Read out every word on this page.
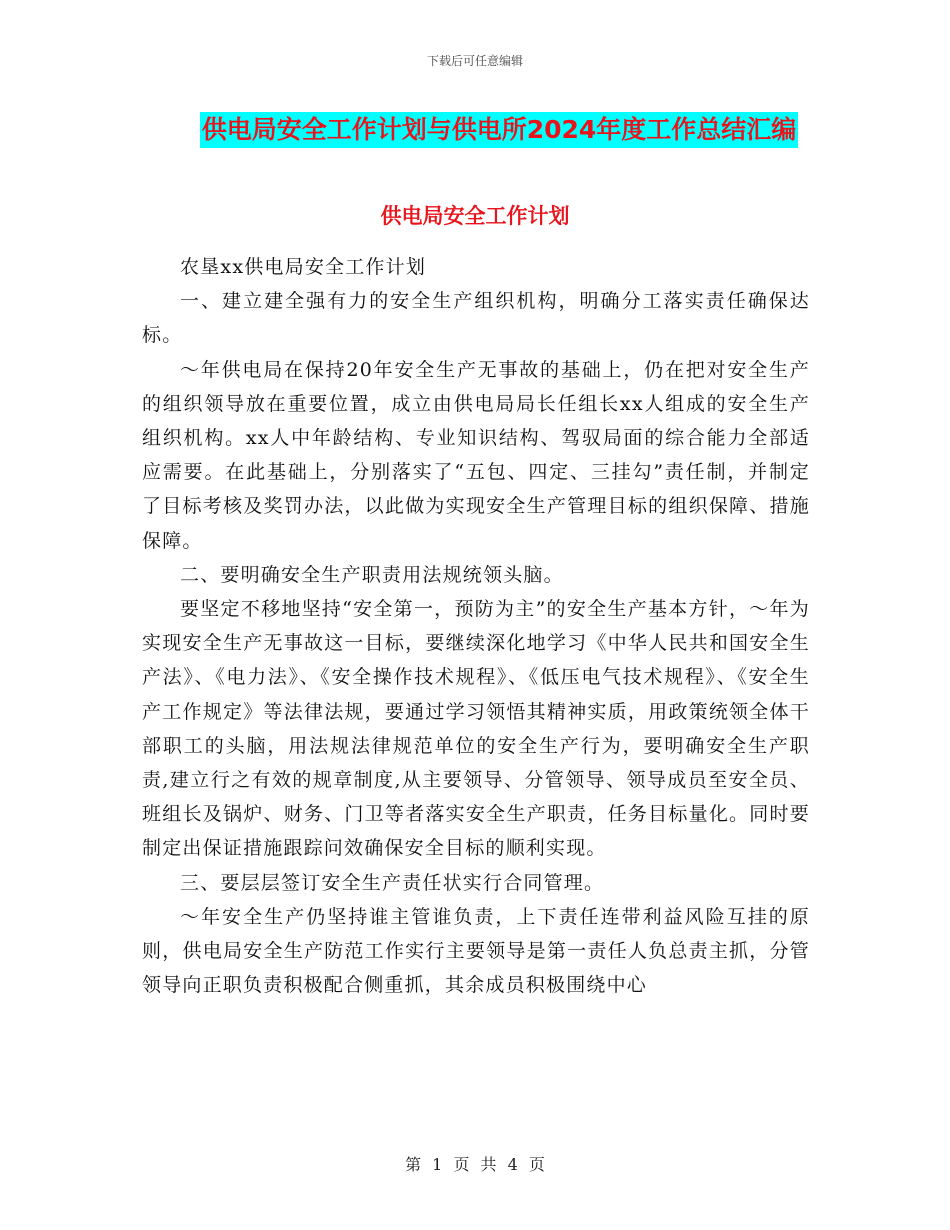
下载后可任意编辑
供电局安全工作计划与供电所2024年度工作总结汇编
供电局安全工作计划

农垦xx供电局安全工作计划

一、建立建全强有力的安全生产组织机构，明确分工落实责任确保达标。

～年供电局在保持20年安全生产无事故的基础上，仍在把对安全生产的组织领导放在重要位置，成立由供电局局长任组长xx人组成的安全生产组织机构。xx人中年龄结构、专业知识结构、驾驭局面的综合能力全部适应需要。在此基础上，分别落实了“五包、四定、三挂勾”责任制，并制定了目标考核及奖罚办法，以此做为实现安全生产管理目标的组织保障、措施保障。

二、要明确安全生产职责用法规统领头脑。

要坚定不移地坚持“安全第一，预防为主”的安全生产基本方针，～年为实现安全生产无事故这一目标，要继续深化地学习《中华人民共和国安全生产法》、《电力法》、《安全操作技术规程》、《低压电气技术规程》、《安全生产工作规定》等法律法规，要通过学习领悟其精神实质，用政策统领全体干部职工的头脑，用法规法律规范单位的安全生产行为，要明确安全生产职责,建立行之有效的规章制度,从主要领导、分管领导、领导成员至安全员、班组长及锅炉、财务、门卫等者落实安全生产职责，任务目标量化。同时要制定出保证措施跟踪问效确保安全目标的顺利实现。

三、要层层签订安全生产责任状实行合同管理。

～年安全生产仍坚持谁主管谁负责，上下责任连带利益风险互挂的原则，供电局安全生产防范工作实行主要领导是第一责任人负总责主抓，分管领导向正职负责积极配合侧重抓，其余成员积极围绕中心

第 1 页 共 4 页
